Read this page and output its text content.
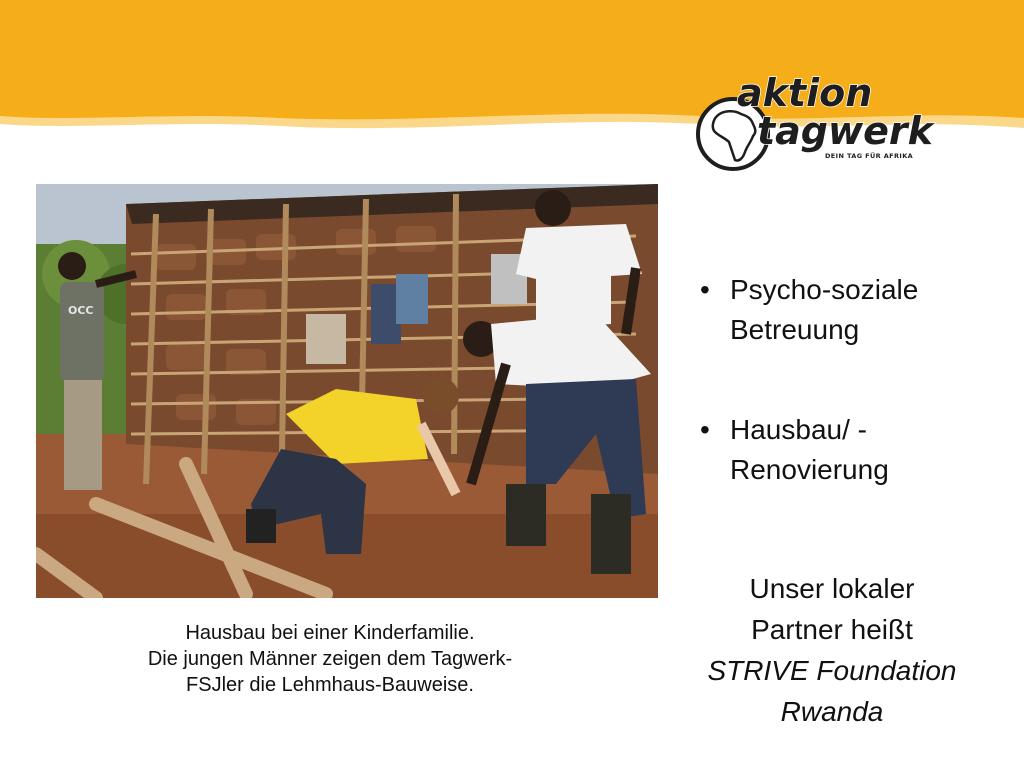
aktion
tagwerk
DEIN TAG FÜR AFRIKA
OCC
Hausbau bei einer Kinderfamilie.
Die jungen Männer zeigen dem Tagwerk-
FSJler die Lehmhaus-Bauweise.
• Psycho-soziale
Betreuung
• Hausbau/ -
Renovierung
Unser lokaler
Partner heißt
STRIVE Foundation
Rwanda
